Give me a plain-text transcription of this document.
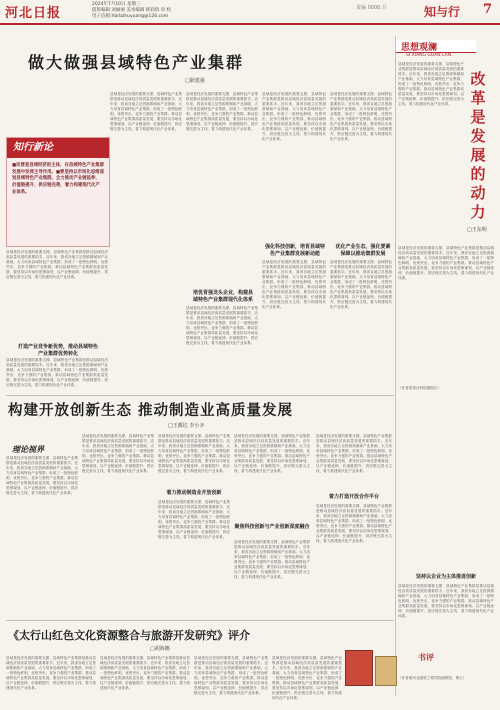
河北日报
2024年7月10日 星期三
值班编辑 刘丽丽 美术编辑 韩润琦 审 校
电子信箱:hbrbzhuyuang@126.com
责编 0000 吕	知与行 7
做大做强县域特色产业集群
□耿建强
知行新论
■民营是县域经济的主体，在县域特色产业集群发展中发挥主导作用。■要坚持以市场化思维谋划县域特色产业集群，全力推动产业链延伸、价值链提升、供应链完善，着力构建现代化产业体系。
县域是经济发展的重要支撑，县域特色产业集群是推动县域经济高质量发展的重要抓手。近年来，我省各地立足资源禀赋和产业基础，大力培育县域特色产业集群，形成了一批特色鲜明、优势突出、竞争力强的产业集群。推动县域特色产业集群高质量发展，要坚持以市场化思维谋划，以产业链延伸、价值链提升、供应链完善为主线，着力构建现代化产业体系。
县域是经济发展的重要支撑，县域特色产业集群是推动县域经济高质量发展的重要抓手。近年来，我省各地立足资源禀赋和产业基础，大力培育县域特色产业集群，形成了一批特色鲜明、优势突出、竞争力强的产业集群。推动县域特色产业集群高质量发展，要坚持以市场化思维谋划，以产业链延伸、价值链提升、供应链完善为主线，着力构建现代化产业体系。
县域是经济发展的重要支撑，县域特色产业集群是推动县域经济高质量发展的重要抓手。近年来，我省各地立足资源禀赋和产业基础，大力培育县域特色产业集群，形成了一批特色鲜明、优势突出、竞争力强的产业集群。推动县域特色产业集群高质量发展，要坚持以市场化思维谋划，以产业链延伸、价值链提升、供应链完善为主线，着力构建现代化产业体系。
县域是经济发展的重要支撑，县域特色产业集群是推动县域经济高质量发展的重要抓手。近年来，我省各地立足资源禀赋和产业基础，大力培育县域特色产业集群，形成了一批特色鲜明、优势突出、竞争力强的产业集群。推动县域特色产业集群高质量发展，要坚持以市场化思维谋划，以产业链延伸、价值链提升、供应链完善为主线，着力构建现代化产业体系。
县域是经济发展的重要支撑，县域特色产业集群是推动县域经济高质量发展的重要抓手。近年来，我省各地立足资源禀赋和产业基础，大力培育县域特色产业集群，形成了一批特色鲜明、优势突出、竞争力强的产业集群。推动县域特色产业集群高质量发展，要坚持以市场化思维谋划，以产业链延伸、价值链提升、供应链完善为主线，着力构建现代化产业体系。
县域是经济发展的重要支撑，县域特色产业集群是推动县域经济高质量发展的重要抓手。近年来，我省各地立足资源禀赋和产业基础，大力培育县域特色产业集群，形成了一批特色鲜明、优势突出、竞争力强的产业集群。推动县域特色产业集群高质量发展，要坚持以市场化思维谋划，以产业链延伸、价值链提升、供应链完善为主线，着力构建现代化产业体系。
打造产业竞争新优势，推动县域特色产业集群优势转化
培优育强龙头企业，构建县域特色产业集群现代化体系
县域是经济发展的重要支撑，县域特色产业集群是推动县域经济高质量发展的重要抓手。近年来，我省各地立足资源禀赋和产业基础，大力培育县域特色产业集群，形成了一批特色鲜明、优势突出、竞争力强的产业集群。推动县域特色产业集群高质量发展，要坚持以市场化思维谋划，以产业链延伸、价值链提升、供应链完善为主线，着力构建现代化产业体系。
强化科技创新，培育县域特色产业集群发展新动能
县域是经济发展的重要支撑，县域特色产业集群是推动县域经济高质量发展的重要抓手。近年来，我省各地立足资源禀赋和产业基础，大力培育县域特色产业集群，形成了一批特色鲜明、优势突出、竞争力强的产业集群。推动县域特色产业集群高质量发展，要坚持以市场化思维谋划，以产业链延伸、价值链提升、供应链完善为主线，着力构建现代化产业体系。
优化产业生态，强化要素保障以推动集群发展
县域是经济发展的重要支撑，县域特色产业集群是推动县域经济高质量发展的重要抓手。近年来，我省各地立足资源禀赋和产业基础，大力培育县域特色产业集群，形成了一批特色鲜明、优势突出、竞争力强的产业集群。推动县域特色产业集群高质量发展，要坚持以市场化思维谋划，以产业链延伸、价值链提升、供应链完善为主线，着力构建现代化产业体系。
思想观澜
SI XIANG GUAN LAN
改革是发展的动力
□王东明
县域是经济发展的重要支撑，县域特色产业集群是推动县域经济高质量发展的重要抓手。近年来，我省各地立足资源禀赋和产业基础，大力培育县域特色产业集群，形成了一批特色鲜明、优势突出、竞争力强的产业集群。推动县域特色产业集群高质量发展，要坚持以市场化思维谋划，以产业链延伸、价值链提升、供应链完善为主线，着力构建现代化产业体系。
县域是经济发展的重要支撑，县域特色产业集群是推动县域经济高质量发展的重要抓手。近年来，我省各地立足资源禀赋和产业基础，大力培育县域特色产业集群，形成了一批特色鲜明、优势突出、竞争力强的产业集群。推动县域特色产业集群高质量发展，要坚持以市场化思维谋划，以产业链延伸、价值链提升、供应链完善为主线，着力构建现代化产业体系。
（作者系省社科院副院长）
构建开放创新生态 推动制造业高质量发展
□王都达 李小齐
理论视界
县域是经济发展的重要支撑，县域特色产业集群是推动县域经济高质量发展的重要抓手。近年来，我省各地立足资源禀赋和产业基础，大力培育县域特色产业集群，形成了一批特色鲜明、优势突出、竞争力强的产业集群。推动县域特色产业集群高质量发展，要坚持以市场化思维谋划，以产业链延伸、价值链提升、供应链完善为主线，着力构建现代化产业体系。
县域是经济发展的重要支撑，县域特色产业集群是推动县域经济高质量发展的重要抓手。近年来，我省各地立足资源禀赋和产业基础，大力培育县域特色产业集群，形成了一批特色鲜明、优势突出、竞争力强的产业集群。推动县域特色产业集群高质量发展，要坚持以市场化思维谋划，以产业链延伸、价值链提升、供应链完善为主线，着力构建现代化产业体系。
着力推动制造业开放创新
县域是经济发展的重要支撑，县域特色产业集群是推动县域经济高质量发展的重要抓手。近年来，我省各地立足资源禀赋和产业基础，大力培育县域特色产业集群，形成了一批特色鲜明、优势突出、竞争力强的产业集群。推动县域特色产业集群高质量发展，要坚持以市场化思维谋划，以产业链延伸、价值链提升、供应链完善为主线，着力构建现代化产业体系。
县域是经济发展的重要支撑，县域特色产业集群是推动县域经济高质量发展的重要抓手。近年来，我省各地立足资源禀赋和产业基础，大力培育县域特色产业集群，形成了一批特色鲜明、优势突出、竞争力强的产业集群。推动县域特色产业集群高质量发展，要坚持以市场化思维谋划，以产业链延伸、价值链提升、供应链完善为主线，着力构建现代化产业体系。
聚焦科技创新与产业创新深度融合
县域是经济发展的重要支撑，县域特色产业集群是推动县域经济高质量发展的重要抓手。近年来，我省各地立足资源禀赋和产业基础，大力培育县域特色产业集群，形成了一批特色鲜明、优势突出、竞争力强的产业集群。推动县域特色产业集群高质量发展，要坚持以市场化思维谋划，以产业链延伸、价值链提升、供应链完善为主线，着力构建现代化产业体系。
县域是经济发展的重要支撑，县域特色产业集群是推动县域经济高质量发展的重要抓手。近年来，我省各地立足资源禀赋和产业基础，大力培育县域特色产业集群，形成了一批特色鲜明、优势突出、竞争力强的产业集群。推动县域特色产业集群高质量发展，要坚持以市场化思维谋划，以产业链延伸、价值链提升、供应链完善为主线，着力构建现代化产业体系。
着力打造开放合作平台
县域是经济发展的重要支撑，县域特色产业集群是推动县域经济高质量发展的重要抓手。近年来，我省各地立足资源禀赋和产业基础，大力培育县域特色产业集群，形成了一批特色鲜明、优势突出、竞争力强的产业集群。推动县域特色产业集群高质量发展，要坚持以市场化思维谋划，以产业链延伸、价值链提升、供应链完善为主线，着力构建现代化产业体系。
县域是经济发展的重要支撑，县域特色产业集群是推动县域经济高质量发展的重要抓手。近年来，我省各地立足资源禀赋和产业基础，大力培育县域特色产业集群，形成了一批特色鲜明、优势突出、竞争力强的产业集群。推动县域特色产业集群高质量发展，要坚持以市场化思维谋划，以产业链延伸、价值链提升、供应链完善为主线，着力构建现代化产业体系。
坚持以企业为主体推进创新
县域是经济发展的重要支撑，县域特色产业集群是推动县域经济高质量发展的重要抓手。近年来，我省各地立足资源禀赋和产业基础，大力培育县域特色产业集群，形成了一批特色鲜明、优势突出、竞争力强的产业集群。推动县域特色产业集群高质量发展，要坚持以市场化思维谋划，以产业链延伸、价值链提升、供应链完善为主线，着力构建现代化产业体系。
《太行山红色文化资源整合与旅游开发研究》评介
□胡海娜
县域是经济发展的重要支撑，县域特色产业集群是推动县域经济高质量发展的重要抓手。近年来，我省各地立足资源禀赋和产业基础，大力培育县域特色产业集群，形成了一批特色鲜明、优势突出、竞争力强的产业集群。推动县域特色产业集群高质量发展，要坚持以市场化思维谋划，以产业链延伸、价值链提升、供应链完善为主线，着力构建现代化产业体系。
县域是经济发展的重要支撑，县域特色产业集群是推动县域经济高质量发展的重要抓手。近年来，我省各地立足资源禀赋和产业基础，大力培育县域特色产业集群，形成了一批特色鲜明、优势突出、竞争力强的产业集群。推动县域特色产业集群高质量发展，要坚持以市场化思维谋划，以产业链延伸、价值链提升、供应链完善为主线，着力构建现代化产业体系。
县域是经济发展的重要支撑，县域特色产业集群是推动县域经济高质量发展的重要抓手。近年来，我省各地立足资源禀赋和产业基础，大力培育县域特色产业集群，形成了一批特色鲜明、优势突出、竞争力强的产业集群。推动县域特色产业集群高质量发展，要坚持以市场化思维谋划，以产业链延伸、价值链提升、供应链完善为主线，着力构建现代化产业体系。
县域是经济发展的重要支撑，县域特色产业集群是推动县域经济高质量发展的重要抓手。近年来，我省各地立足资源禀赋和产业基础，大力培育县域特色产业集群，形成了一批特色鲜明、优势突出、竞争力强的产业集群。推动县域特色产业集群高质量发展，要坚持以市场化思维谋划，以产业链延伸、价值链提升、供应链完善为主线，着力构建现代化产业体系。
书评
（作者系河北建筑工程学院副教授、博士）
